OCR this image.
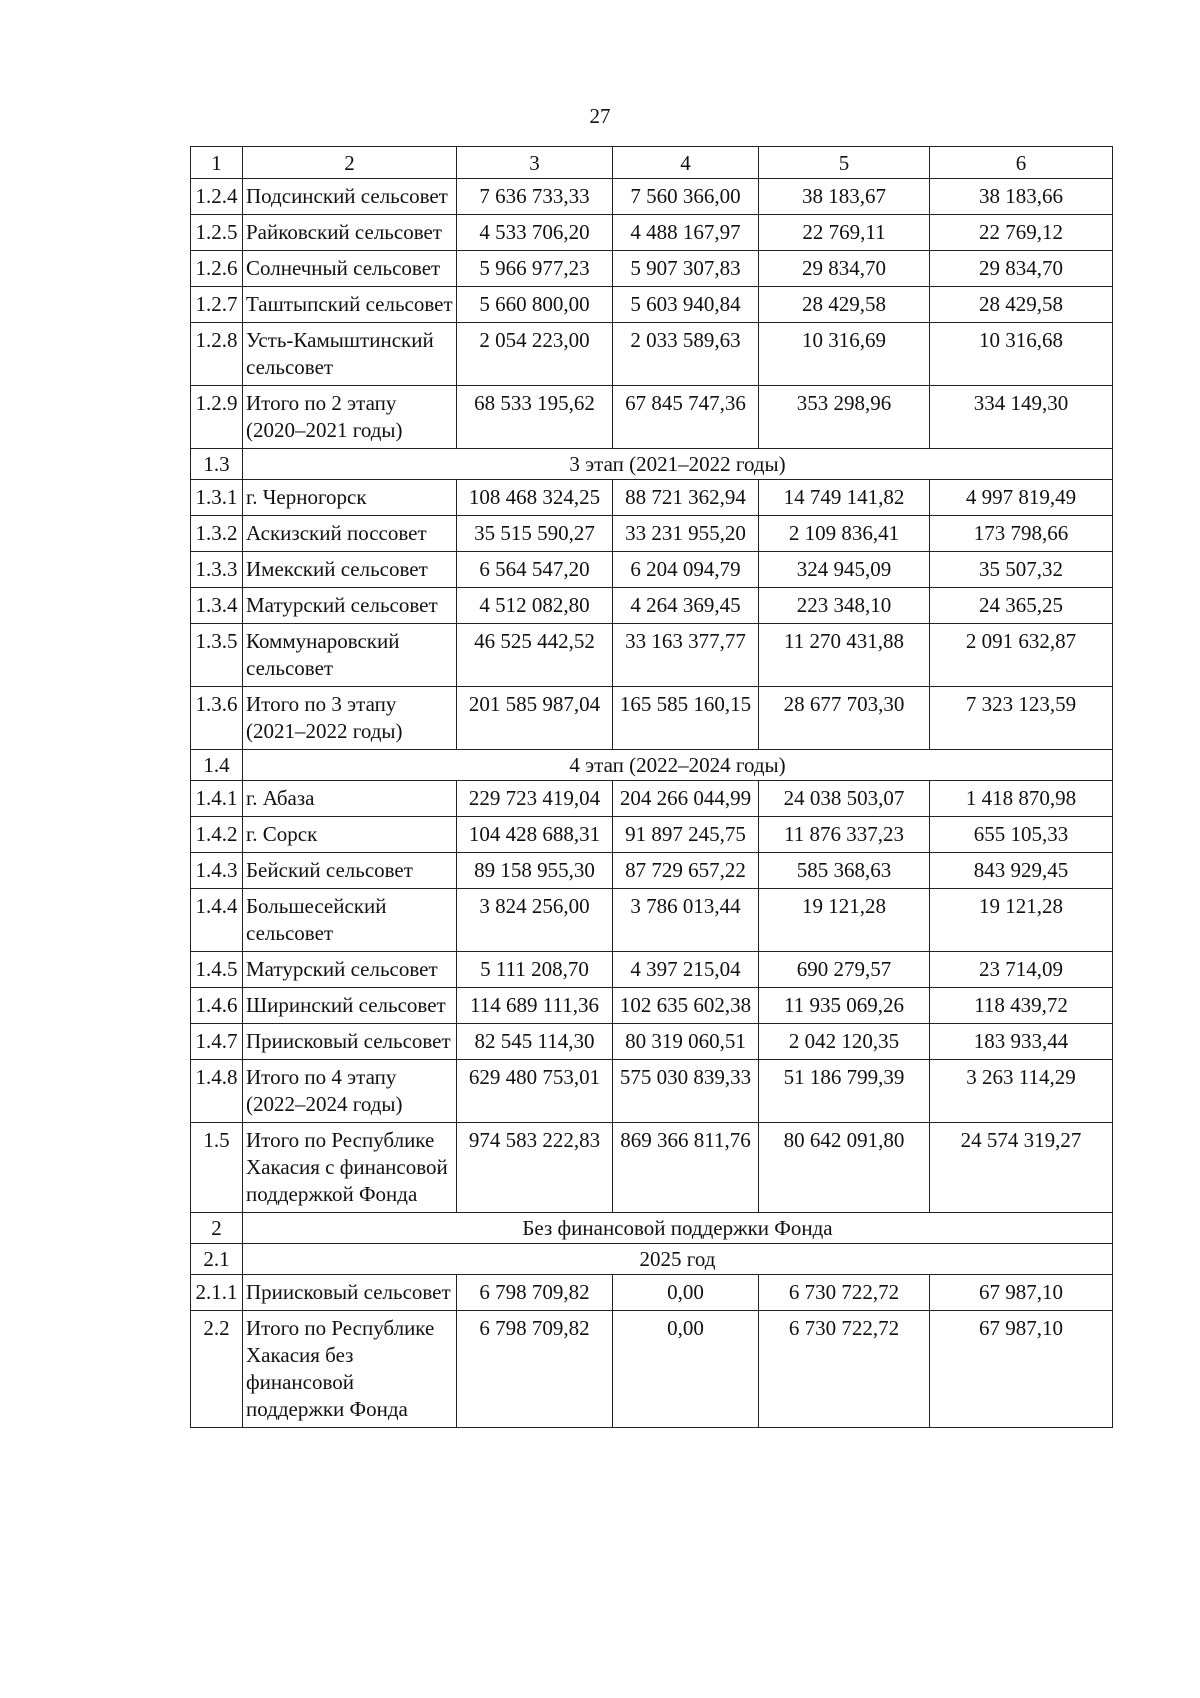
27
1	2	3	4	5	6
1.2.4	Подсинский сельсовет	7 636 733,33	7 560 366,00	38 183,67	38 183,66
1.2.5	Райковский сельсовет	4 533 706,20	4 488 167,97	22 769,11	22 769,12
1.2.6	Солнечный сельсовет	5 966 977,23	5 907 307,83	29 834,70	29 834,70
1.2.7	Таштыпский сельсовет	5 660 800,00	5 603 940,84	28 429,58	28 429,58
1.2.8	Усть-Камыштинский сельсовет	2 054 223,00	2 033 589,63	10 316,69	10 316,68
1.2.9	Итого по 2 этапу (2020–2021 годы)	68 533 195,62	67 845 747,36	353 298,96	334 149,30
1.3	3 этап (2021–2022 годы)				
1.3.1	г. Черногорск	108 468 324,25	88 721 362,94	14 749 141,82	4 997 819,49
1.3.2	Аскизский поссовет	35 515 590,27	33 231 955,20	2 109 836,41	173 798,66
1.3.3	Имекский сельсовет	6 564 547,20	6 204 094,79	324 945,09	35 507,32
1.3.4	Матурский сельсовет	4 512 082,80	4 264 369,45	223 348,10	24 365,25
1.3.5	Коммунаровский сельсовет	46 525 442,52	33 163 377,77	11 270 431,88	2 091 632,87
1.3.6	Итого по 3 этапу (2021–2022 годы)	201 585 987,04	165 585 160,15	28 677 703,30	7 323 123,59
1.4	4 этап (2022–2024 годы)				
1.4.1	г. Абаза	229 723 419,04	204 266 044,99	24 038 503,07	1 418 870,98
1.4.2	г. Сорск	104 428 688,31	91 897 245,75	11 876 337,23	655 105,33
1.4.3	Бейский сельсовет	89 158 955,30	87 729 657,22	585 368,63	843 929,45
1.4.4	Большесейский сельсовет	3 824 256,00	3 786 013,44	19 121,28	19 121,28
1.4.5	Матурский сельсовет	5 111 208,70	4 397 215,04	690 279,57	23 714,09
1.4.6	Ширинский сельсовет	114 689 111,36	102 635 602,38	11 935 069,26	118 439,72
1.4.7	Приисковый сельсовет	82 545 114,30	80 319 060,51	2 042 120,35	183 933,44
1.4.8	Итого по 4 этапу (2022–2024 годы)	629 480 753,01	575 030 839,33	51 186 799,39	3 263 114,29
1.5	Итого по Республике Хакасия с финансовой поддержкой Фонда	974 583 222,83	869 366 811,76	80 642 091,80	24 574 319,27
2	Без финансовой поддержки Фонда				
2.1	2025 год				
2.1.1	Приисковый сельсовет	6 798 709,82	0,00	6 730 722,72	67 987,10
2.2	Итого по Республике Хакасия без финансовой поддержки Фонда	6 798 709,82	0,00	6 730 722,72	67 987,10
